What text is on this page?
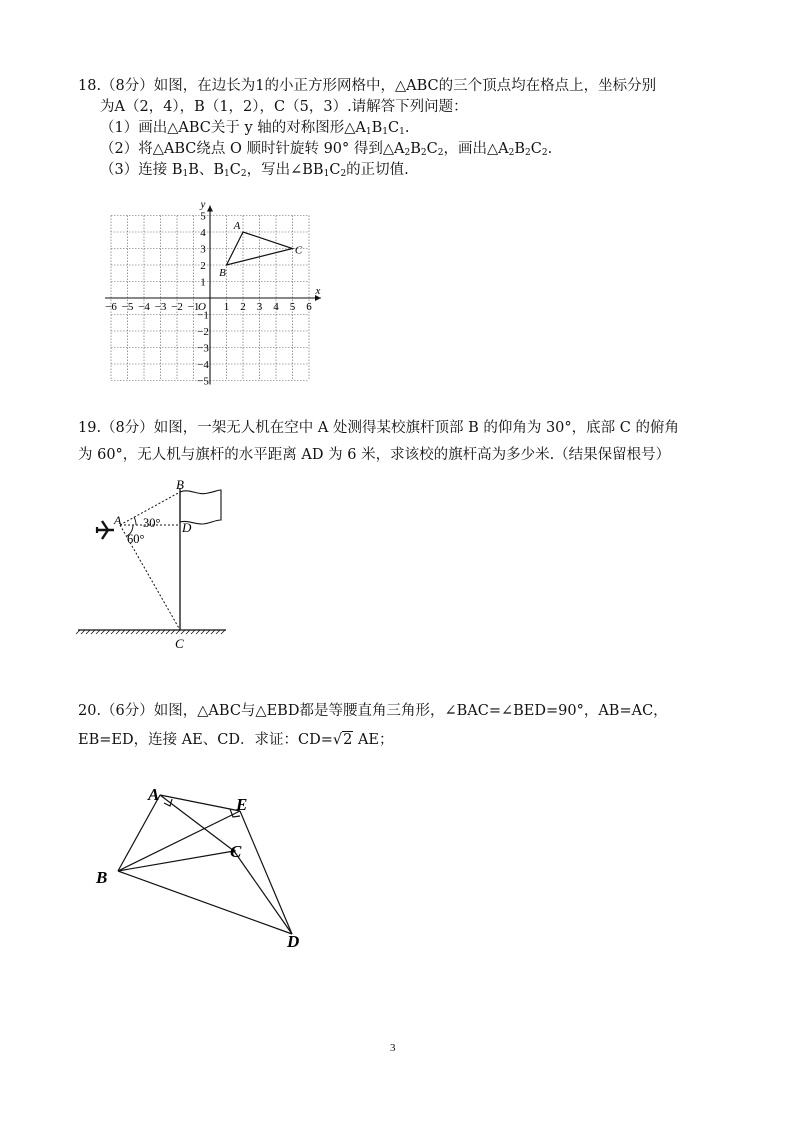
18.（8分）如图，在边长为1的小正方形网格中，△ABC的三个顶点均在格点上，坐标分别
为A（2，4），B（1，2），C（5，3）.请解答下列问题：
（1）画出△ABC关于 y 轴的对称图形$\triangle A_1B_1C_1$.
（2）将△ABC绕点 O 顺时针旋转 90° 得到$\triangle A_2B_2C_2$，画出$\triangle A_2B_2C_2$.
（3）连接 $B_1B$、$B_1C_2$，写出$\angle BB_1C_2$的正切值.
−6 −5 −4 −3 −2 −1 1 2 3 4 5 6
5
4
3
2
1
−1
−2
−3
−4
−5
O
x
y
A
B
C
19.（8分）如图，一架无人机在空中 A 处测得某校旗杆顶部 B 的仰角为 30°，底部 C 的俯角
为 60°，无人机与旗杆的水平距离 AD 为 6 米，求该校的旗杆高为多少米.（结果保留根号）
B
D
A
C
30°
60°
20.（6分）如图，△ABC与△EBD都是等腰直角三角形，∠BAC=∠BED=90°，AB=AC，
EB=ED，连接 AE、CD．求证：CD=√2 AE；
A
E
C
B
D
3
